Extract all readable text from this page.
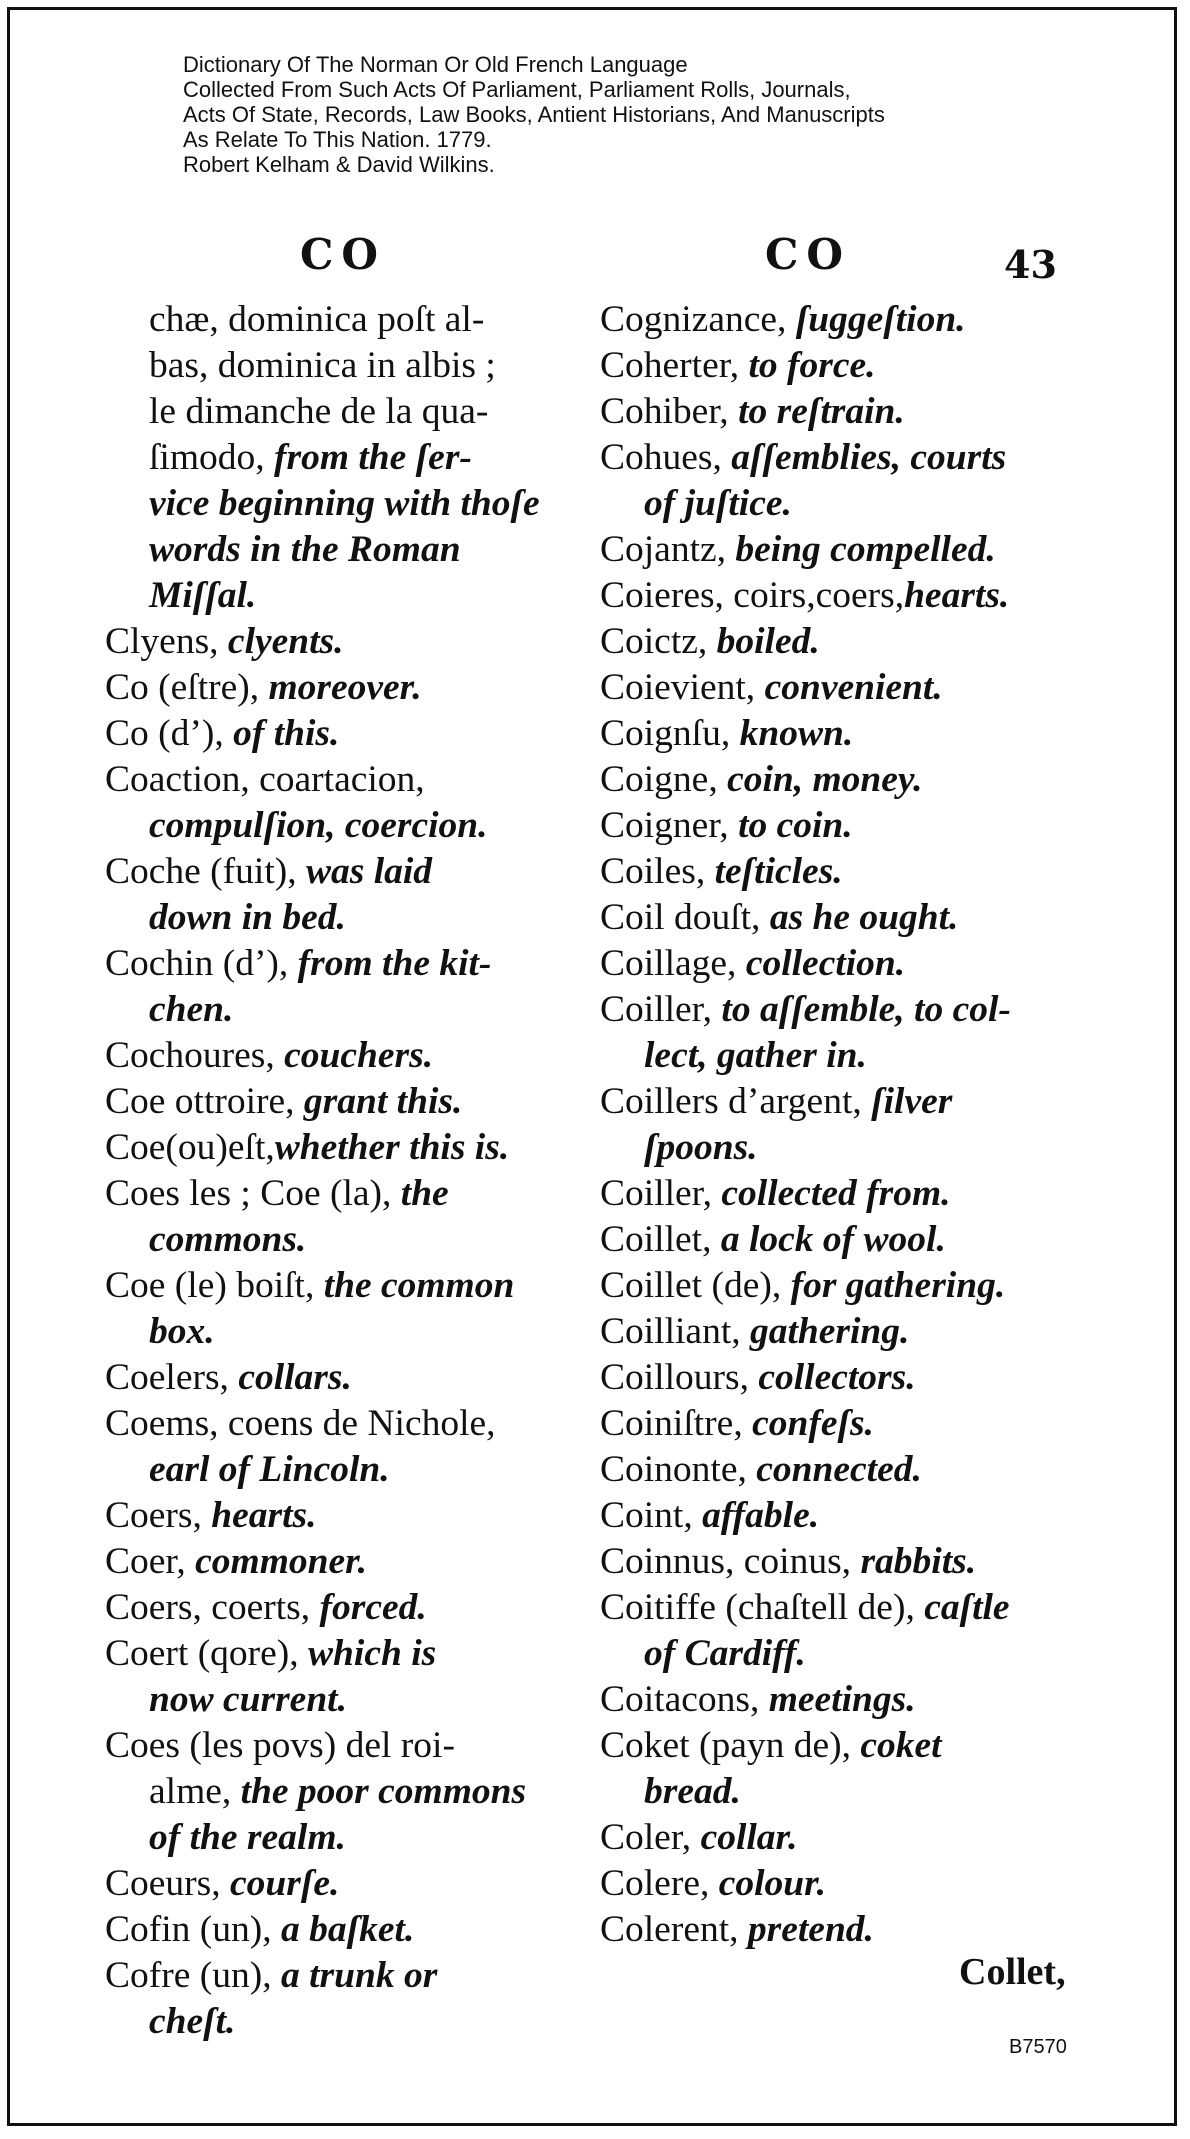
Dictionary Of The Norman Or Old French Language
Collected From Such Acts Of Parliament, Parliament Rolls, Journals,
Acts Of State, Records, Law Books, Antient Historians, And Manuscripts
As Relate To This Nation. 1779.
Robert Kelham & David Wilkins.
CO	CO	43
chæ, dominica poſt al-
bas, dominica in albis ;
le dimanche de la qua-
ſimodo, from the ſer-
vice beginning with thoſe
words in the Roman
Miſſal.
Clyens, clyents.
Co (eſtre), moreover.
Co (d’), of this.
Coaction, coartacion,
compulſion, coercion.
Coche (fuit), was laid
down in bed.
Cochin (d’), from the kit-
chen.
Cochoures, couchers.
Coe ottroire, grant this.
Coe(ou)eſt,whether this is.
Coes les ; Coe (la), the
commons.
Coe (le) boiſt, the common
box.
Coelers, collars.
Coems, coens de Nichole,
earl of Lincoln.
Coers, hearts.
Coer, commoner.
Coers, coerts, forced.
Coert (qore), which is
now current.
Coes (les povs) del roi-
alme, the poor commons
of the realm.
Coeurs, courſe.
Cofin (un), a baſket.
Cofre (un), a trunk or
cheſt.
Cognizance, ſuggeſtion.
Coherter, to force.
Cohiber, to reſtrain.
Cohues, aſſemblies, courts
of juſtice.
Cojantz, being compelled.
Coieres, coirs,coers,hearts.
Coictz, boiled.
Coievient, convenient.
Coignſu, known.
Coigne, coin, money.
Coigner, to coin.
Coiles, teſticles.
Coil douſt, as he ought.
Coillage, collection.
Coiller, to aſſemble, to col-
lect, gather in.
Coillers d’argent, ſilver
ſpoons.
Coiller, collected from.
Coillet, a lock of wool.
Coillet (de), for gathering.
Coilliant, gathering.
Coillours, collectors.
Coiniſtre, confeſs.
Coinonte, connected.
Coint, affable.
Coinnus, coinus, rabbits.
Coitiffe (chaſtell de), caſtle
of Cardiff.
Coitacons, meetings.
Coket (payn de), coket
bread.
Coler, collar.
Colere, colour.
Colerent, pretend.
Collet,
B7570
